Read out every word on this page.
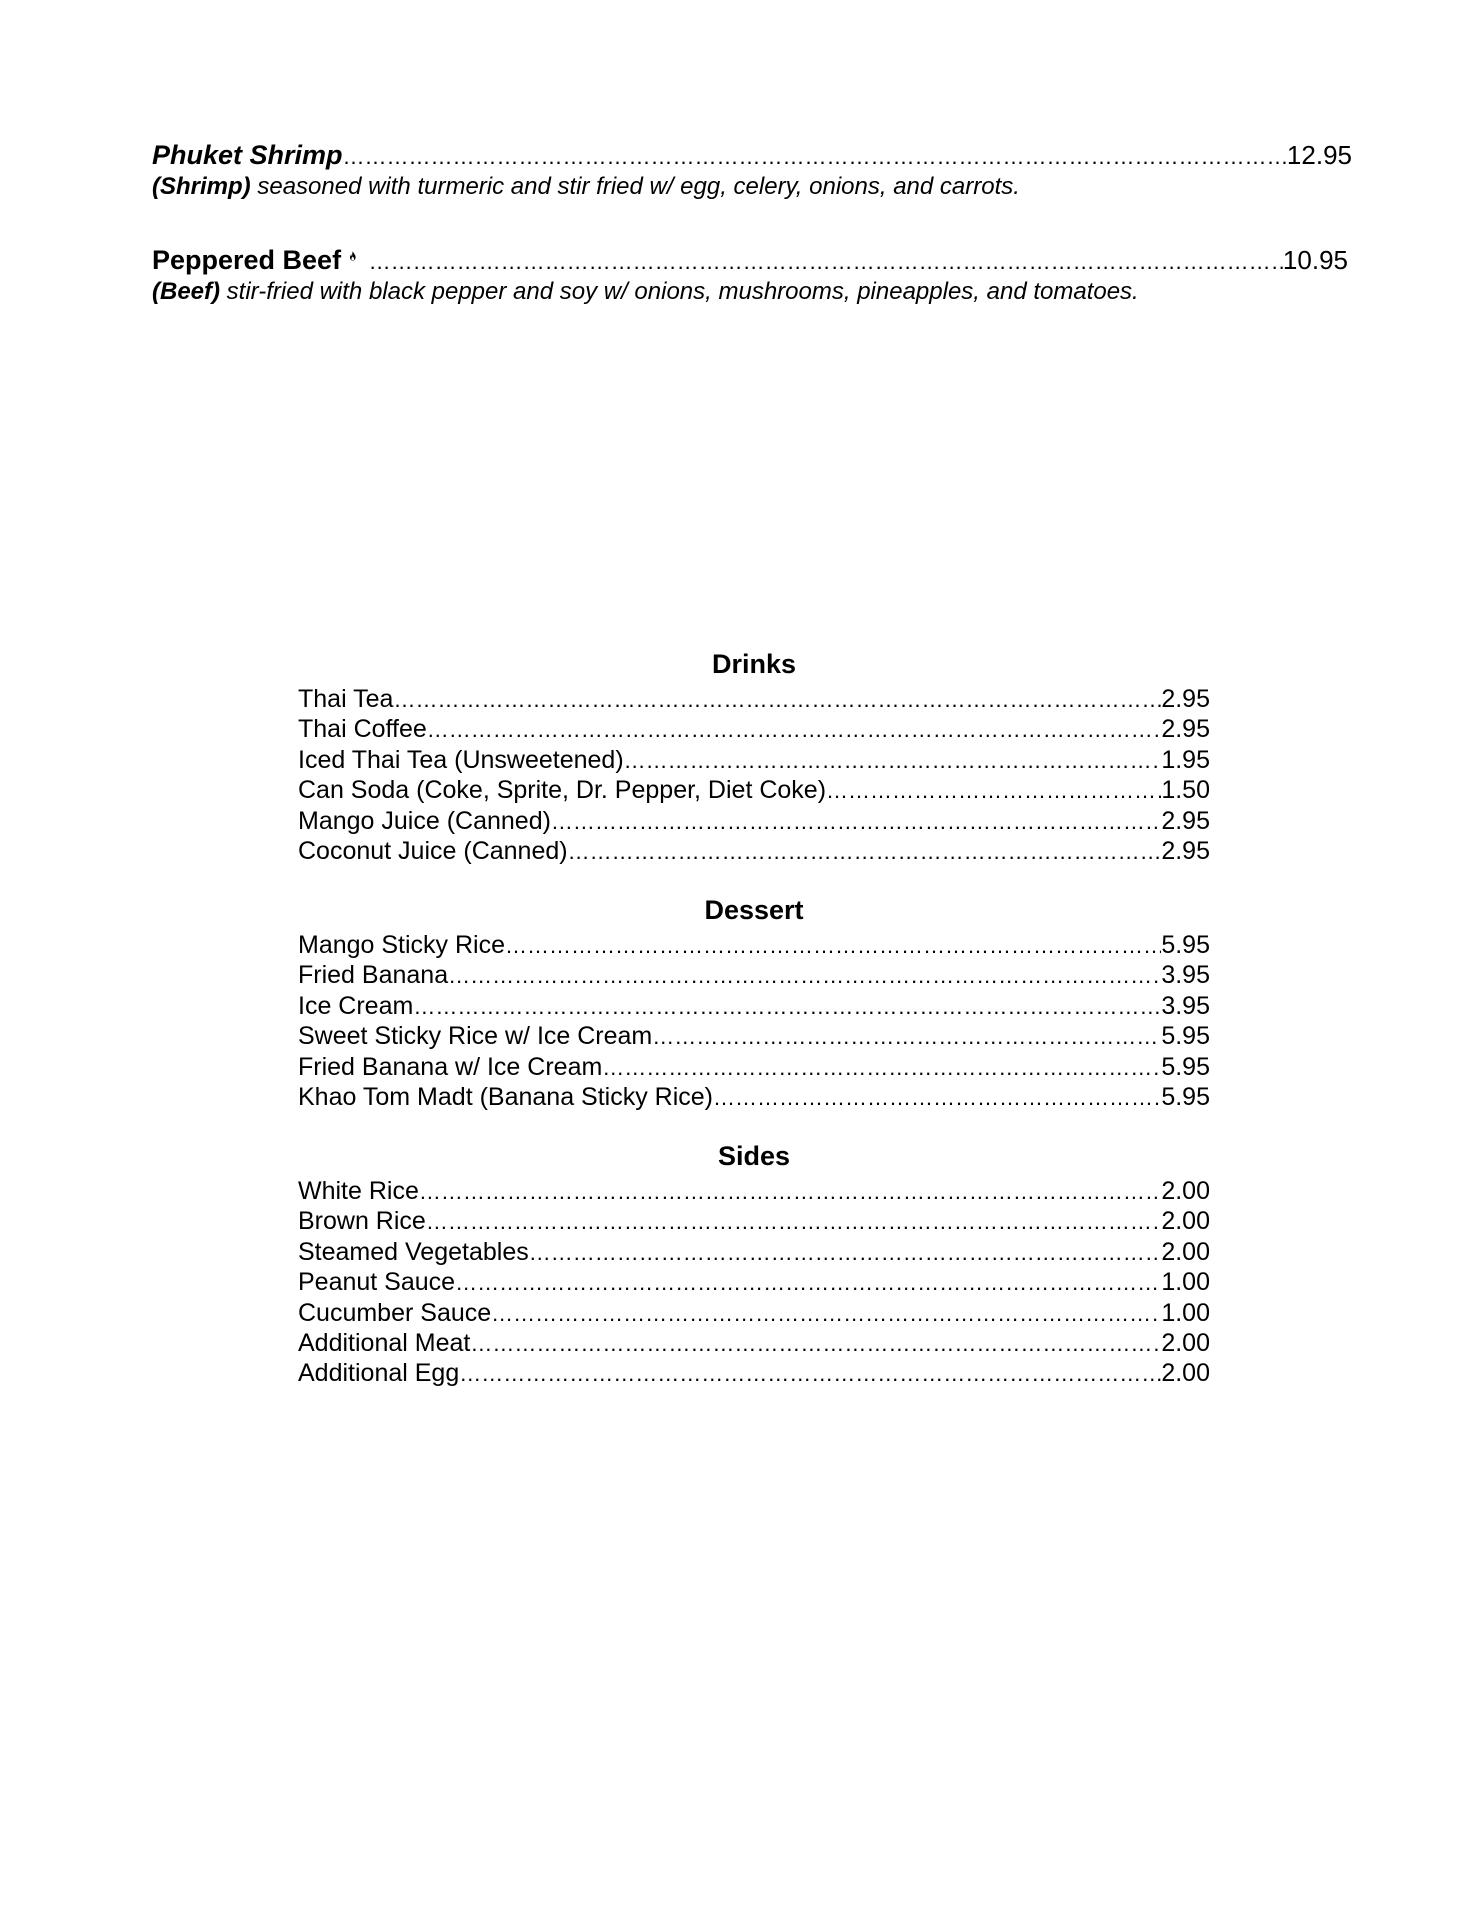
Phuket Shrimp …………………………………………………………………………………………………………………………………………………………………………………………………………………………………………	12.95
(Shrimp) seasoned with turmeric and stir fried w/ egg, celery, onions, and carrots.
Peppered Beef …………………………………………………………………………………………………………………………………………………………………………………………………………………………………………	10.95
(Beef) stir-fried with black pepper and soy w/ onions, mushrooms, pineapples, and tomatoes.
Drinks
Thai Tea …………………………………………………………………………………………………………………………………………………………………………………………………………………………………………	2.95
Thai Coffee …………………………………………………………………………………………………………………………………………………………………………………………………………………………………………	2.95
Iced Thai Tea (Unsweetened) …………………………………………………………………………………………………………………………………………………………………………………………………………………………………………	1.95
Can Soda (Coke, Sprite, Dr. Pepper, Diet Coke) …………………………………………………………………………………………………………………………………………………………………………………………………………………………………………	1.50
Mango Juice (Canned) …………………………………………………………………………………………………………………………………………………………………………………………………………………………………………	2.95
Coconut Juice (Canned) …………………………………………………………………………………………………………………………………………………………………………………………………………………………………………	2.95
Dessert
Mango Sticky Rice …………………………………………………………………………………………………………………………………………………………………………………………………………………………………………	5.95
Fried Banana …………………………………………………………………………………………………………………………………………………………………………………………………………………………………………	3.95
Ice Cream …………………………………………………………………………………………………………………………………………………………………………………………………………………………………………	3.95
Sweet Sticky Rice w/ Ice Cream …………………………………………………………………………………………………………………………………………………………………………………………………………………………………………	5.95
Fried Banana w/ Ice Cream …………………………………………………………………………………………………………………………………………………………………………………………………………………………………………	5.95
Khao Tom Madt (Banana Sticky Rice) …………………………………………………………………………………………………………………………………………………………………………………………………………………………………………	5.95
Sides
White Rice …………………………………………………………………………………………………………………………………………………………………………………………………………………………………………	2.00
Brown Rice …………………………………………………………………………………………………………………………………………………………………………………………………………………………………………	2.00
Steamed Vegetables …………………………………………………………………………………………………………………………………………………………………………………………………………………………………………	2.00
Peanut Sauce …………………………………………………………………………………………………………………………………………………………………………………………………………………………………………	1.00
Cucumber Sauce …………………………………………………………………………………………………………………………………………………………………………………………………………………………………………	1.00
Additional Meat …………………………………………………………………………………………………………………………………………………………………………………………………………………………………………	2.00
Additional Egg …………………………………………………………………………………………………………………………………………………………………………………………………………………………………………	2.00
